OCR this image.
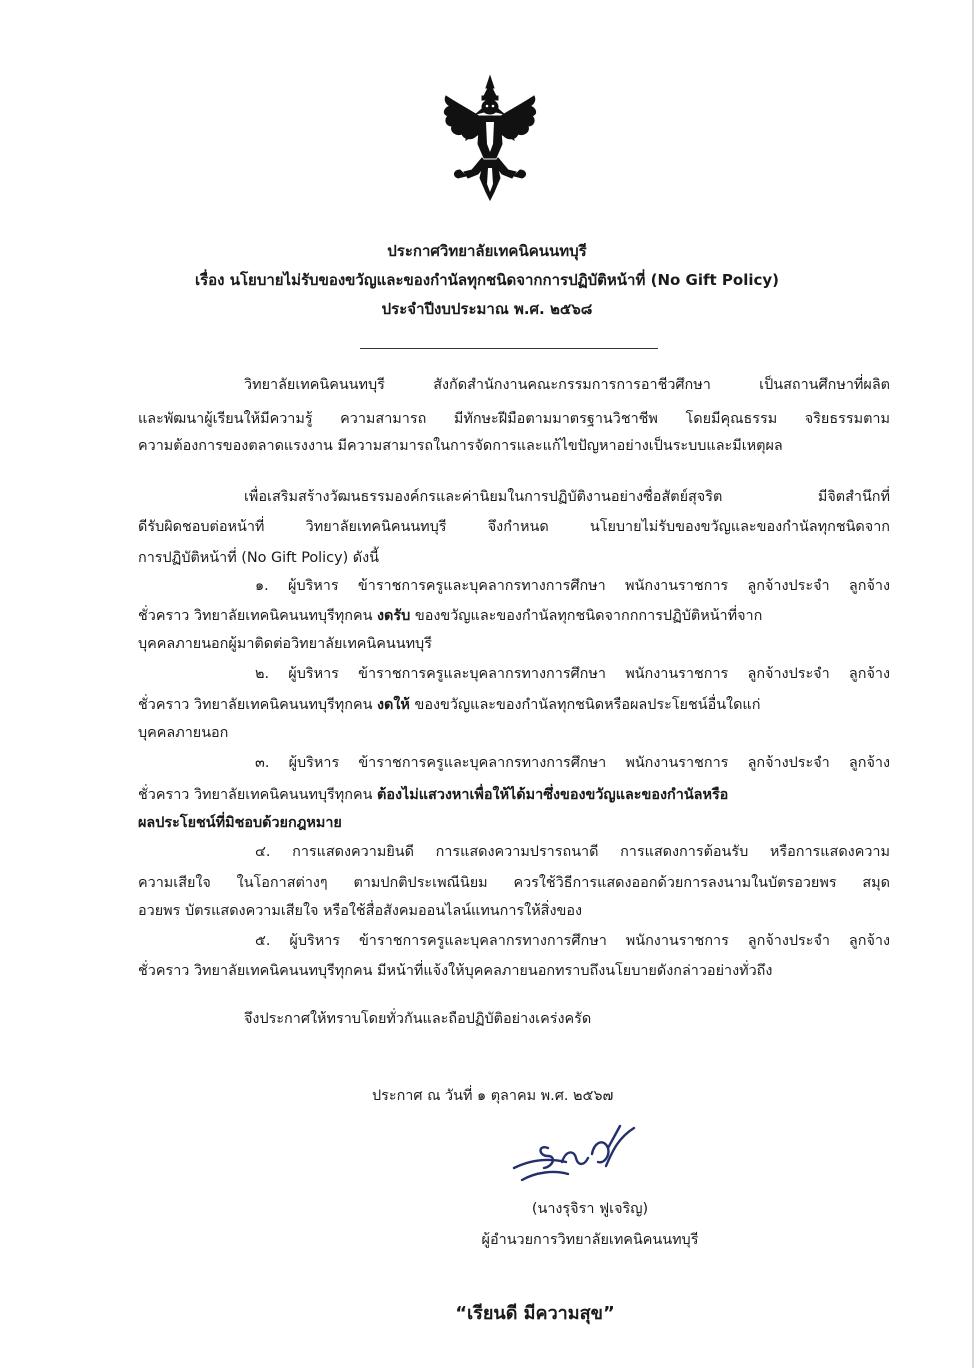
ประกาศวิทยาลัยเทคนิคนนทบุรี
เรื่อง นโยบายไม่รับของขวัญและของกำนัลทุกชนิดจากการปฏิบัติหน้าที่ (No Gift Policy)
ประจำปีงบประมาณ พ.ศ. ๒๕๖๘
วิทยาลัยเทคนิคนนทบุรี สังกัดสำนักงานคณะกรรมการการอาชีวศึกษา เป็นสถานศึกษาที่ผลิต
และพัฒนาผู้เรียนให้มีความรู้ ความสามารถ มีทักษะฝีมือตามมาตรฐานวิชาชีพ โดยมีคุณธรรม จริยธรรมตาม
ความต้องการของตลาดแรงงาน มีความสามารถในการจัดการและแก้ไขปัญหาอย่างเป็นระบบและมีเหตุผล
เพื่อเสริมสร้างวัฒนธรรมองค์กรและค่านิยมในการปฏิบัติงานอย่างซื่อสัตย์สุจริต มีจิตสำนึกที่
ดีรับผิดชอบต่อหน้าที่ วิทยาลัยเทคนิคนนทบุรี จึงกำหนด นโยบายไม่รับของขวัญและของกำนัลทุกชนิดจาก
การปฏิบัติหน้าที่ (No Gift Policy) ดังนี้
๑. ผู้บริหาร ข้าราชการครูและบุคลากรทางการศึกษา พนักงานราชการ ลูกจ้างประจำ ลูกจ้าง
ชั่วคราว วิทยาลัยเทคนิคนนทบุรีทุกคน งดรับ ของขวัญและของกำนัลทุกชนิดจากกการปฏิบัติหน้าที่จาก
บุคคลภายนอกผู้มาติดต่อวิทยาลัยเทคนิคนนทบุรี
๒. ผู้บริหาร ข้าราชการครูและบุคลากรทางการศึกษา พนักงานราชการ ลูกจ้างประจำ ลูกจ้าง
ชั่วคราว วิทยาลัยเทคนิคนนทบุรีทุกคน งดให้ ของขวัญและของกำนัลทุกชนิดหรือผลประโยชน์อื่นใดแก่
บุคคลภายนอก
๓. ผู้บริหาร ข้าราชการครูและบุคลากรทางการศึกษา พนักงานราชการ ลูกจ้างประจำ ลูกจ้าง
ชั่วคราว วิทยาลัยเทคนิคนนทบุรีทุกคน ต้องไม่แสวงหาเพื่อให้ได้มาซึ่งของขวัญและของกำนัลหรือ
ผลประโยชน์ที่มิชอบด้วยกฎหมาย
๔. การแสดงความยินดี การแสดงความปรารถนาดี การแสดงการต้อนรับ หรือการแสดงความ
ความเสียใจ ในโอกาสต่างๆ ตามปกติประเพณีนิยม ควรใช้วิธีการแสดงออกด้วยการลงนามในบัตรอวยพร สมุด
อวยพร บัตรแสดงความเสียใจ หรือใช้สื่อสังคมออนไลน์แทนการให้สิ่งของ
๕. ผู้บริหาร ข้าราชการครูและบุคลากรทางการศึกษา พนักงานราชการ ลูกจ้างประจำ ลูกจ้าง
ชั่วคราว วิทยาลัยเทคนิคนนทบุรีทุกคน มีหน้าที่แจ้งให้บุคคลภายนอกทราบถึงนโยบายดังกล่าวอย่างทั่วถึง
จึงประกาศให้ทราบโดยทั่วกันและถือปฏิบัติอย่างเคร่งครัด
ประกาศ ณ วันที่ ๑ ตุลาคม พ.ศ. ๒๕๖๗
(นางรุจิรา ฟูเจริญ)
ผู้อำนวยการวิทยาลัยเทคนิคนนทบุรี
“เรียนดี มีความสุข”
